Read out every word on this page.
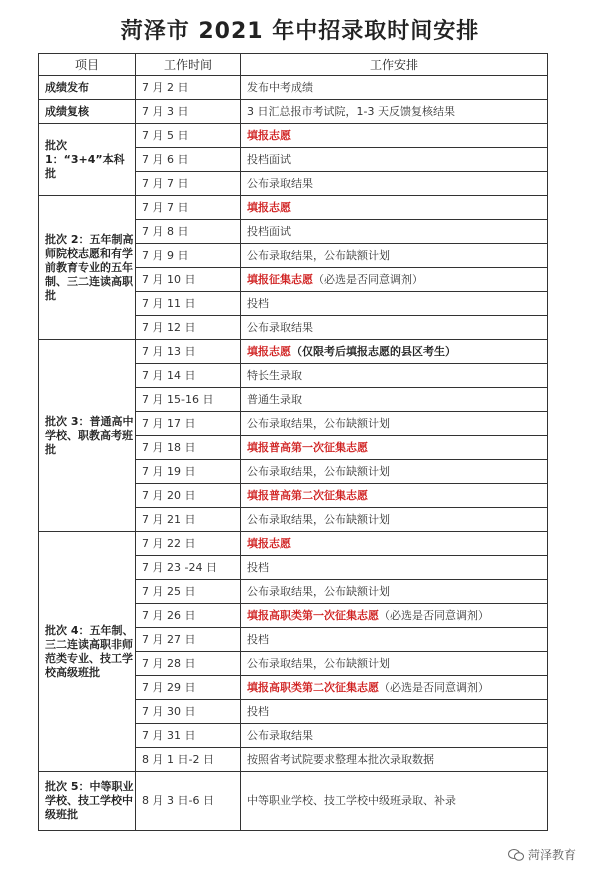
菏泽市 2021 年中招录取时间安排
项目	工作时间	工作安排
成绩发布	7 月 2 日	发布中考成绩
成绩复核	7 月 3 日	3 日汇总报市考试院，1-3 天反馈复核结果
批次 1：“3+4”本科批	7 月 5 日	填报志愿
	7 月 6 日	投档面试
	7 月 7 日	公布录取结果
批次 2：五年制高师院校志愿和有学前教育专业的五年制、三二连读高职批	7 月 7 日	填报志愿
	7 月 8 日	投档面试
	7 月 9 日	公布录取结果，公布缺额计划
	7 月 10 日	填报征集志愿（必选是否同意调剂）
	7 月 11 日	投档
	7 月 12 日	公布录取结果
批次 3：普通高中学校、职教高考班批	7 月 13 日	填报志愿（仅限考后填报志愿的县区考生）
	7 月 14 日	特长生录取
	7 月 15-16 日	普通生录取
	7 月 17 日	公布录取结果，公布缺额计划
	7 月 18 日	填报普高第一次征集志愿
	7 月 19 日	公布录取结果，公布缺额计划
	7 月 20 日	填报普高第二次征集志愿
	7 月 21 日	公布录取结果，公布缺额计划
批次 4：五年制、三二连读高职非师范类专业、技工学校高级班批	7 月 22 日	填报志愿
	7 月 23 -24 日	投档
	7 月 25 日	公布录取结果，公布缺额计划
	7 月 26 日	填报高职类第一次征集志愿（必选是否同意调剂）
	7 月 27 日	投档
	7 月 28 日	公布录取结果，公布缺额计划
	7 月 29 日	填报高职类第二次征集志愿（必选是否同意调剂）
	7 月 30 日	投档
	7 月 31 日	公布录取结果
	8 月 1 日-2 日	按照省考试院要求整理本批次录取数据
批次 5：中等职业学校、技工学校中级班批	8 月 3 日-6 日	中等职业学校、技工学校中级班录取、补录
菏泽教育
